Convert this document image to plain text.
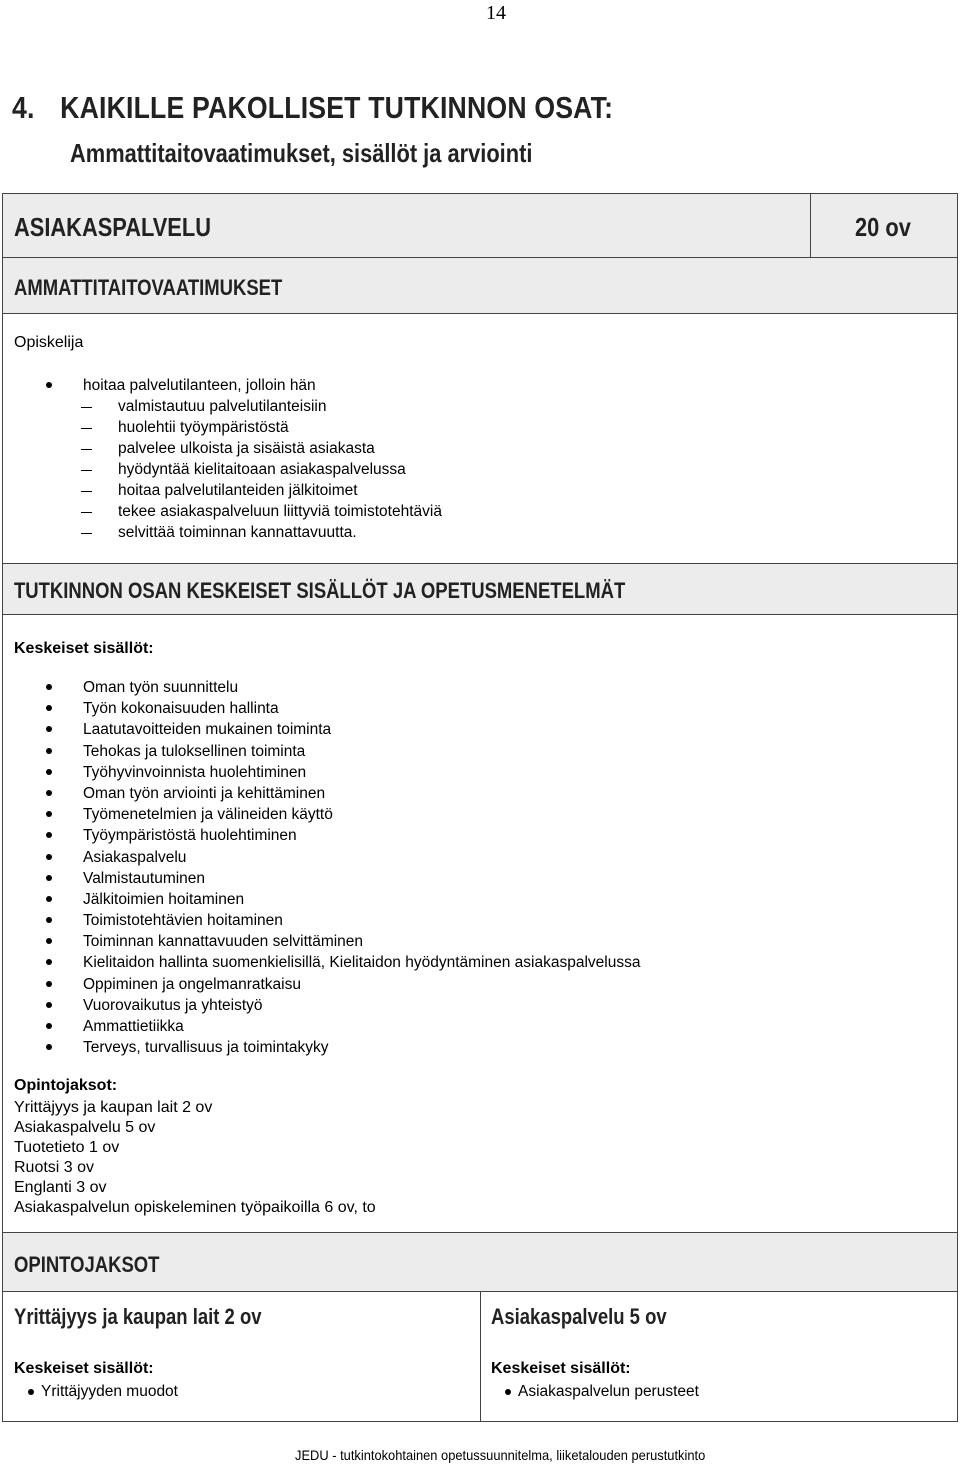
14
4. KAIKILLE PAKOLLISET TUTKINNON OSAT:
Ammattitaitovaatimukset, sisällöt ja arviointi
ASIAKASPALVELU	20 ov
AMMATTITAITOVAATIMUKSET
Opiskelija
hoitaa palvelutilanteen, jolloin hän
valmistautuu palvelutilanteisiin
huolehtii työympäristöstä
palvelee ulkoista ja sisäistä asiakasta
hyödyntää kielitaitoaan asiakaspalvelussa
hoitaa palvelutilanteiden jälkitoimet
tekee asiakaspalveluun liittyviä toimistotehtäviä
selvittää toiminnan kannattavuutta.
TUTKINNON OSAN KESKEISET SISÄLLÖT JA OPETUSMENETELMÄT
Keskeiset sisällöt:
Oman työn suunnittelu
Työn kokonaisuuden hallinta
Laatutavoitteiden mukainen toiminta
Tehokas ja tuloksellinen toiminta
Työhyvinvoinnista huolehtiminen
Oman työn arviointi ja kehittäminen
Työmenetelmien ja välineiden käyttö
Työympäristöstä huolehtiminen
Asiakaspalvelu
Valmistautuminen
Jälkitoimien hoitaminen
Toimistotehtävien hoitaminen
Toiminnan kannattavuuden selvittäminen
Kielitaidon hallinta suomenkielisillä, Kielitaidon hyödyntäminen asiakaspalvelussa
Oppiminen ja ongelmanratkaisu
Vuorovaikutus ja yhteistyö
Ammattietiikka
Terveys, turvallisuus ja toimintakyky
Opintojaksot:
Yrittäjyys ja kaupan lait 2 ov
Asiakaspalvelu 5 ov
Tuotetieto 1 ov
Ruotsi 3 ov
Englanti 3 ov
Asiakaspalvelun opiskeleminen työpaikoilla 6 ov, to
OPINTOJAKSOT
Yrittäjyys ja kaupan lait 2 ov
Keskeiset sisällöt:
Yrittäjyyden muodot
Asiakaspalvelu 5 ov
Keskeiset sisällöt:
Asiakaspalvelun perusteet
JEDU - tutkintokohtainen opetussuunnitelma, liiketalouden perustutkinto
